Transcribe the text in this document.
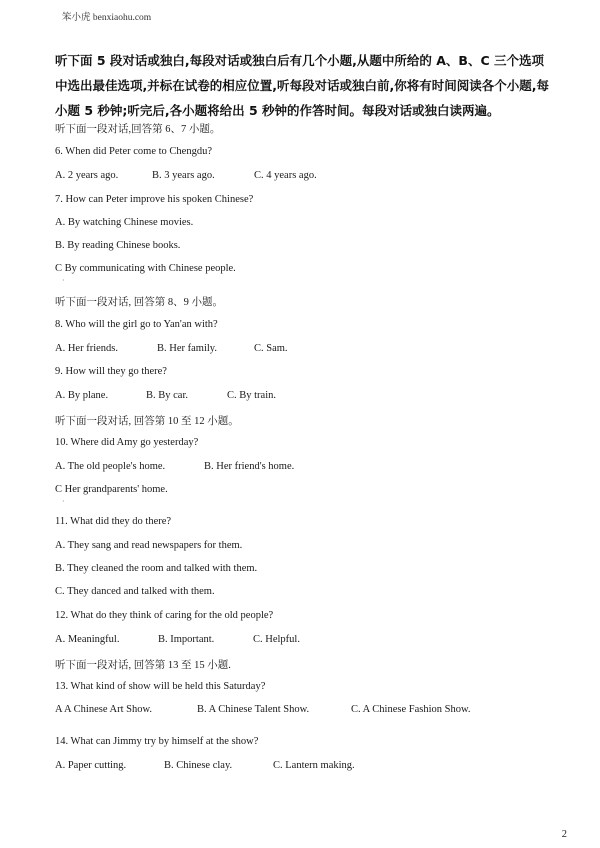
笨小虎 benxiaohu.com
听下面 5 段对话或独白,每段对话或独白后有几个小题,从题中所给的 A、B、C 三个选项中选出最佳选项,并标在试卷的相应位置,听每段对话或独白前,你将有时间阅读各个小题,每小题 5 秒钟;听完后,各小题将给出 5 秒钟的作答时间。每段对话或独白读两遍。
听下面一段对话,回答第 6、7 小题。
6. When did Peter come to Chengdu?
A. 2 years ago.	B. 3 years ago.	C. 4 years ago.
7. How can Peter improve his spoken Chinese?
A. By watching Chinese movies.
B. By reading Chinese books.
C By communicating with Chinese people.
·
听下面一段对话, 回答第 8、9 小题。
8. Who will the girl go to Yan'an with?
A. Her friends.	B. Her family.	C. Sam.
9. How will they go there?
A. By plane.	B. By car.	C. By train.
听下面一段对话, 回答第 10 至 12 小题。
10. Where did Amy go yesterday?
A. The old people's home.	B. Her friend's home.
C Her grandparents' home.
·
11. What did they do there?
A. They sang and read newspapers for them.
B. They cleaned the room and talked with them.
C. They danced and talked with them.
12. What do they think of caring for the old people?
A. Meaningful.	B. Important.	C. Helpful.
听下面一段对话, 回答第 13 至 15 小题.
13. What kind of show will be held this Saturday?
A A Chinese Art Show.	B. A Chinese Talent Show.	C. A Chinese Fashion Show.
14. What can Jimmy try by himself at the show?
A. Paper cutting.	B. Chinese clay.	C. Lantern making.
2
